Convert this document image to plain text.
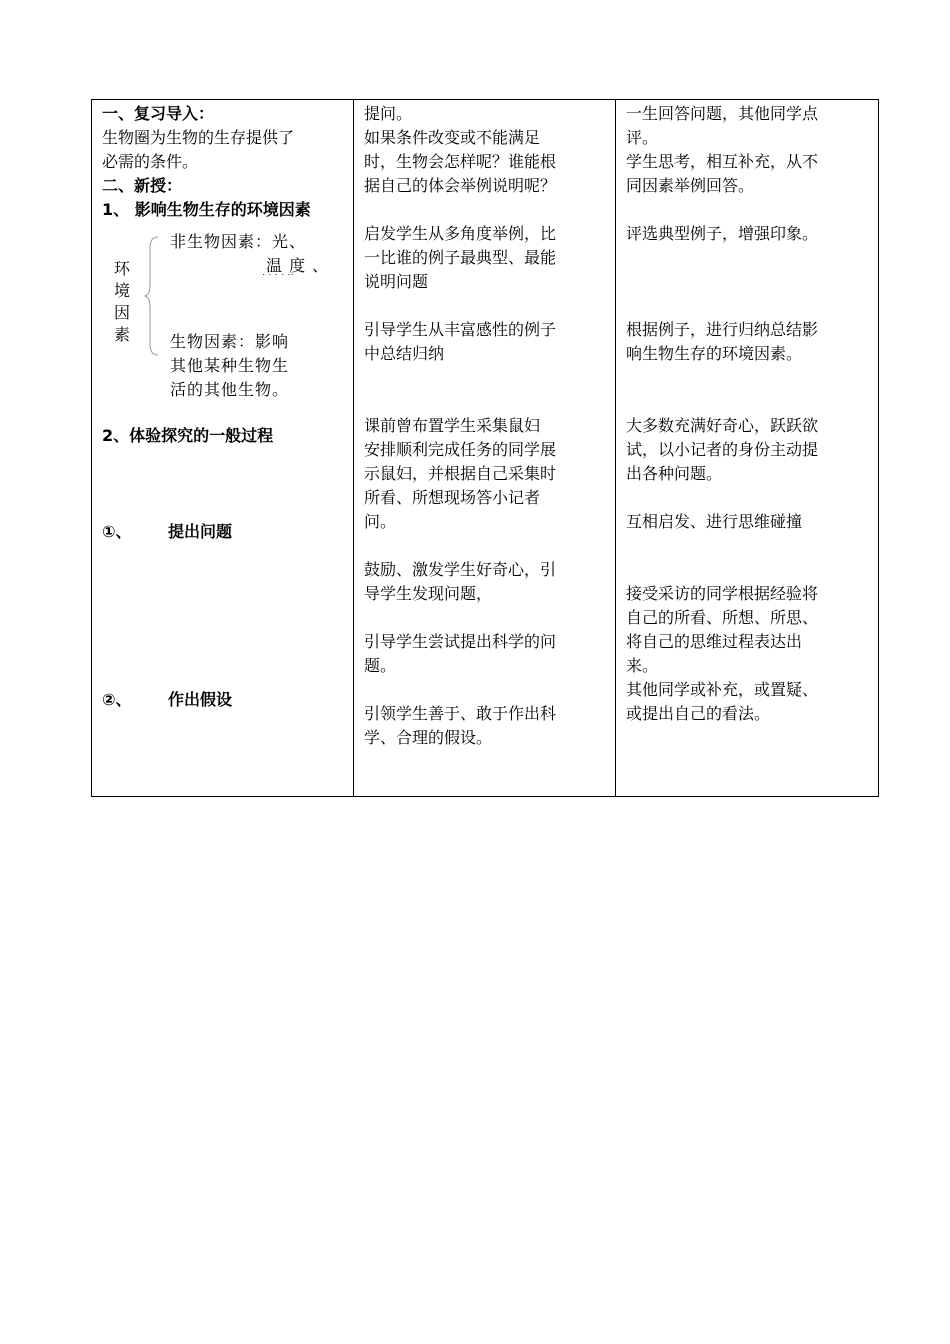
一、复习导入：
生物圈为生物的生存提供了
必需的条件。
二、新授：
1、 影响生物生存的环境因素
环
境
因
素
非生物因素：光、
温 度 、
生物因素：影响
其他某种生物生
活的其他生物。
2、体验探究的一般过程
①、 提出问题
②、 作出假设

提问。
如果条件改变或不能满足
时，生物会怎样呢？谁能根
据自己的体会举例说明呢？
启发学生从多角度举例，比
一比谁的例子最典型、最能
说明问题
引导学生从丰富感性的例子
中总结归纳
课前曾布置学生采集鼠妇
安排顺利完成任务的同学展
示鼠妇，并根据自己采集时
所看、所想现场答小记者
问。
鼓励、激发学生好奇心，引
导学生发现问题，
引导学生尝试提出科学的问
题。
引领学生善于、敢于作出科
学、合理的假设。

一生回答问题，其他同学点
评。
学生思考，相互补充，从不
同因素举例回答。
评选典型例子，增强印象。
根据例子，进行归纳总结影
响生物生存的环境因素。
大多数充满好奇心，跃跃欲
试，以小记者的身份主动提
出各种问题。
互相启发、进行思维碰撞
接受采访的同学根据经验将
自己的所看、所想、所思、
将自己的思维过程表达出
来。
其他同学或补充，或置疑、
或提出自己的看法。
